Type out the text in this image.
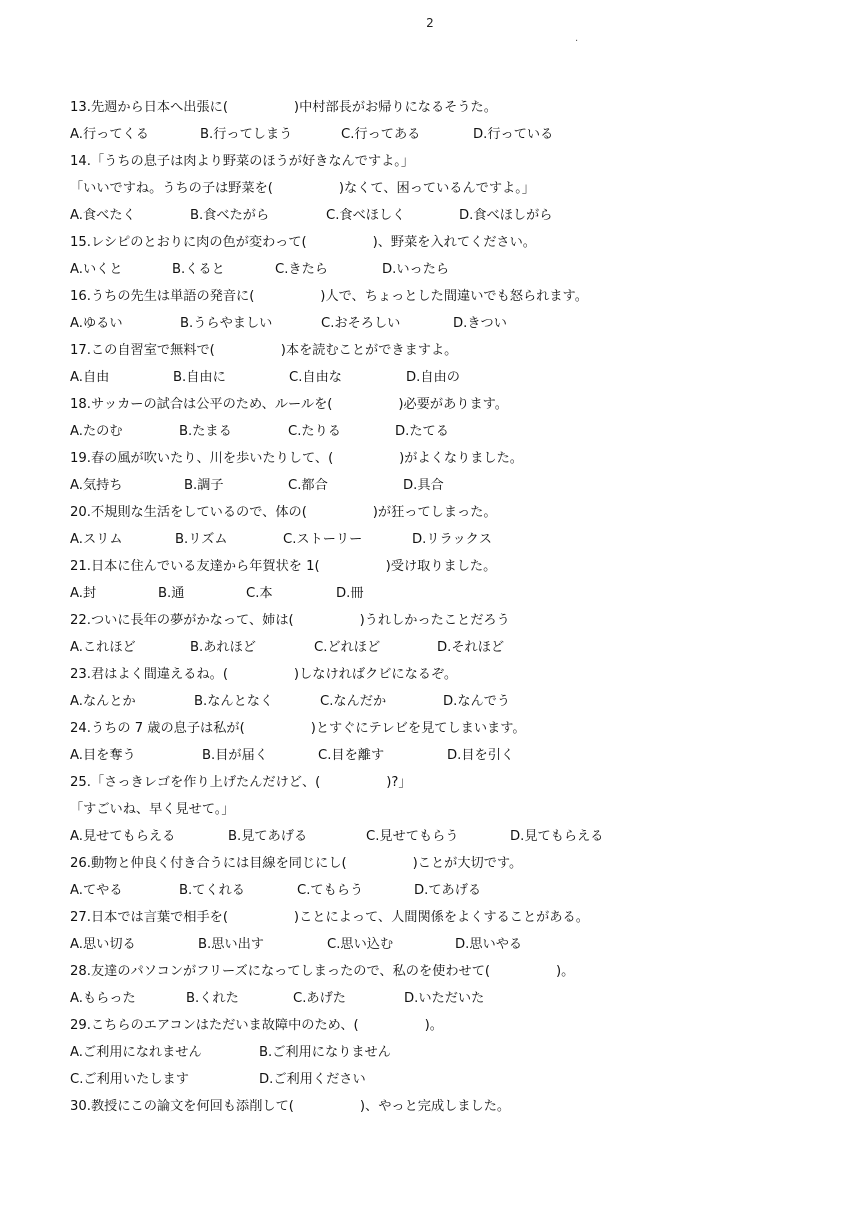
2
.
13.先週から日本へ出張に(　　　　　)中村部長がお帰りになるそうた。
A.行ってくる	B.行ってしまう	C.行ってある	D.行っている
14.「うちの息子は肉より野菜のほうが好きなんですよ。」
「いいですね。うちの子は野菜を(　　　　　)なくて、困っているんですよ。」
A.食べたく	B.食べたがら	C.食べほしく	D.食べほしがら
15.レシピのとおりに肉の色が変わって(　　　　　)、野菜を入れてください。
A.いくと	B.くると	C.きたら	D.いったら
16.うちの先生は単語の発音に(　　　　　)人で、ちょっとした間違いでも怒られます。
A.ゆるい	B.うらやましい	C.おそろしい	D.きつい
17.この自習室で無料で(　　　　　)本を読むことができますよ。
A.自由	B.自由に	C.自由な	D.自由の
18.サッカーの試合は公平のため、ルールを(　　　　　)必要があります。
A.たのむ	B.たまる	C.たりる	D.たてる
19.春の風が吹いたり、川を歩いたりして、(　　　　　)がよくなりました。
A.気持ち	B.調子	C.都合	D.具合
20.不規則な生活をしているので、体の(　　　　　)が狂ってしまった。
A.スリム	B.リズム	C.ストーリー	D.リラックス
21.日本に住んでいる友達から年賀状を 1(　　　　　)受け取りました。
A.封	B.通	C.本	D.冊
22.ついに長年の夢がかなって、姉は(　　　　　)うれしかったことだろう
A.これほど	B.あれほど	C.どれほど	D.それほど
23.君はよく間違えるね。(　　　　　)しなければクビになるぞ。
A.なんとか	B.なんとなく	C.なんだか	D.なんでう
24.うちの 7 歳の息子は私が(　　　　　)とすぐにテレビを見てしまいます。
A.目を奪う	B.目が届く	C.目を離す	D.目を引く
25.「さっきレゴを作り上げたんだけど、(　　　　　)?」
「すごいね、早く見せて。」
A.見せてもらえる	B.見てあげる	C.見せてもらう	D.見てもらえる
26.動物と仲良く付き合うには目線を同じにし(　　　　　)ことが大切です。
A.てやる	B.てくれる	C.てもらう	D.てあげる
27.日本では言葉で相手を(　　　　　)ことによって、人間関係をよくすることがある。
A.思い切る	B.思い出す	C.思い込む	D.思いやる
28.友達のパソコンがフリーズになってしまったので、私のを使わせて(　　　　　)。
A.もらった	B.くれた	C.あげた	D.いただいた
29.こちらのエアコンはただいま故障中のため、(　　　　　)。
A.ご利用になれません	B.ご利用になりません
C.ご利用いたします	D.ご利用ください
30.教授にこの論文を何回も添削して(　　　　　)、やっと完成しました。
